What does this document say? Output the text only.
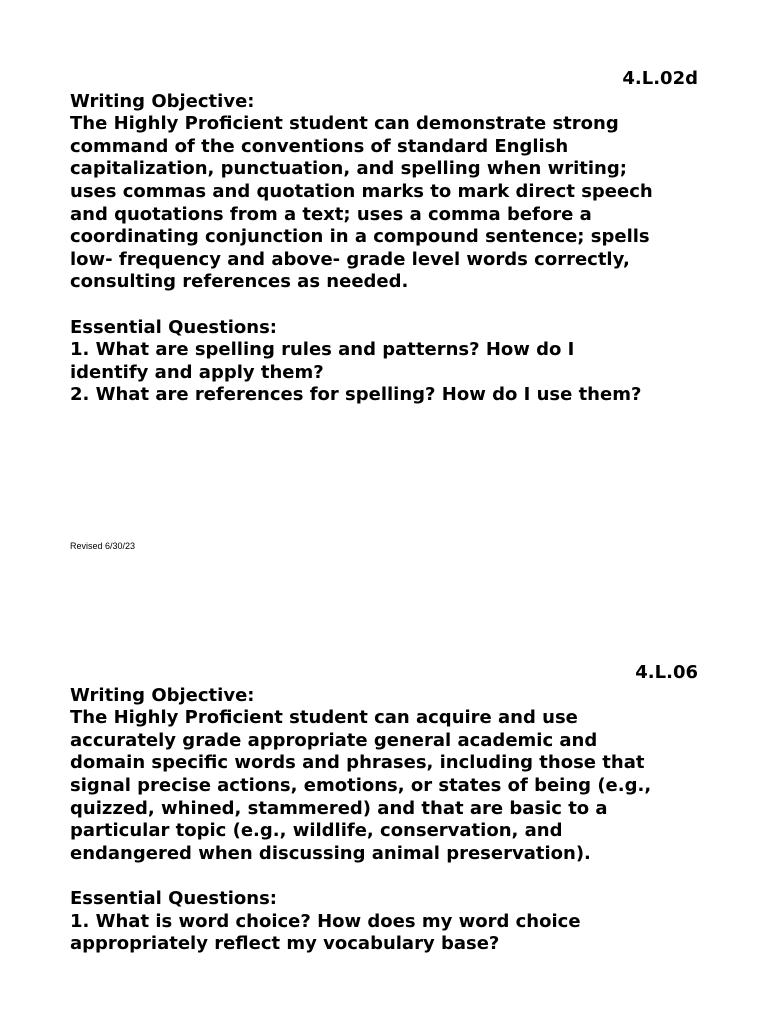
4.L.02d
Writing Objective:
The Highly Proficient student can demonstrate strong
command of the conventions of standard English
capitalization, punctuation, and spelling when writing;
uses commas and quotation marks to mark direct speech
and quotations from a text; uses a comma before a
coordinating conjunction in a compound sentence; spells
low- frequency and above- grade level words correctly,
consulting references as needed.
Essential Questions:
1. What are spelling rules and patterns? How do I
identify and apply them?
2. What are references for spelling? How do I use them?
Revised 6/30/23
4.L.06
Writing Objective:
The Highly Proficient student can acquire and use
accurately grade appropriate general academic and
domain specific words and phrases, including those that
signal precise actions, emotions, or states of being (e.g.,
quizzed, whined, stammered) and that are basic to a
particular topic (e.g., wildlife, conservation, and
endangered when discussing animal preservation).
Essential Questions:
1. What is word choice? How does my word choice
appropriately reflect my vocabulary base?
